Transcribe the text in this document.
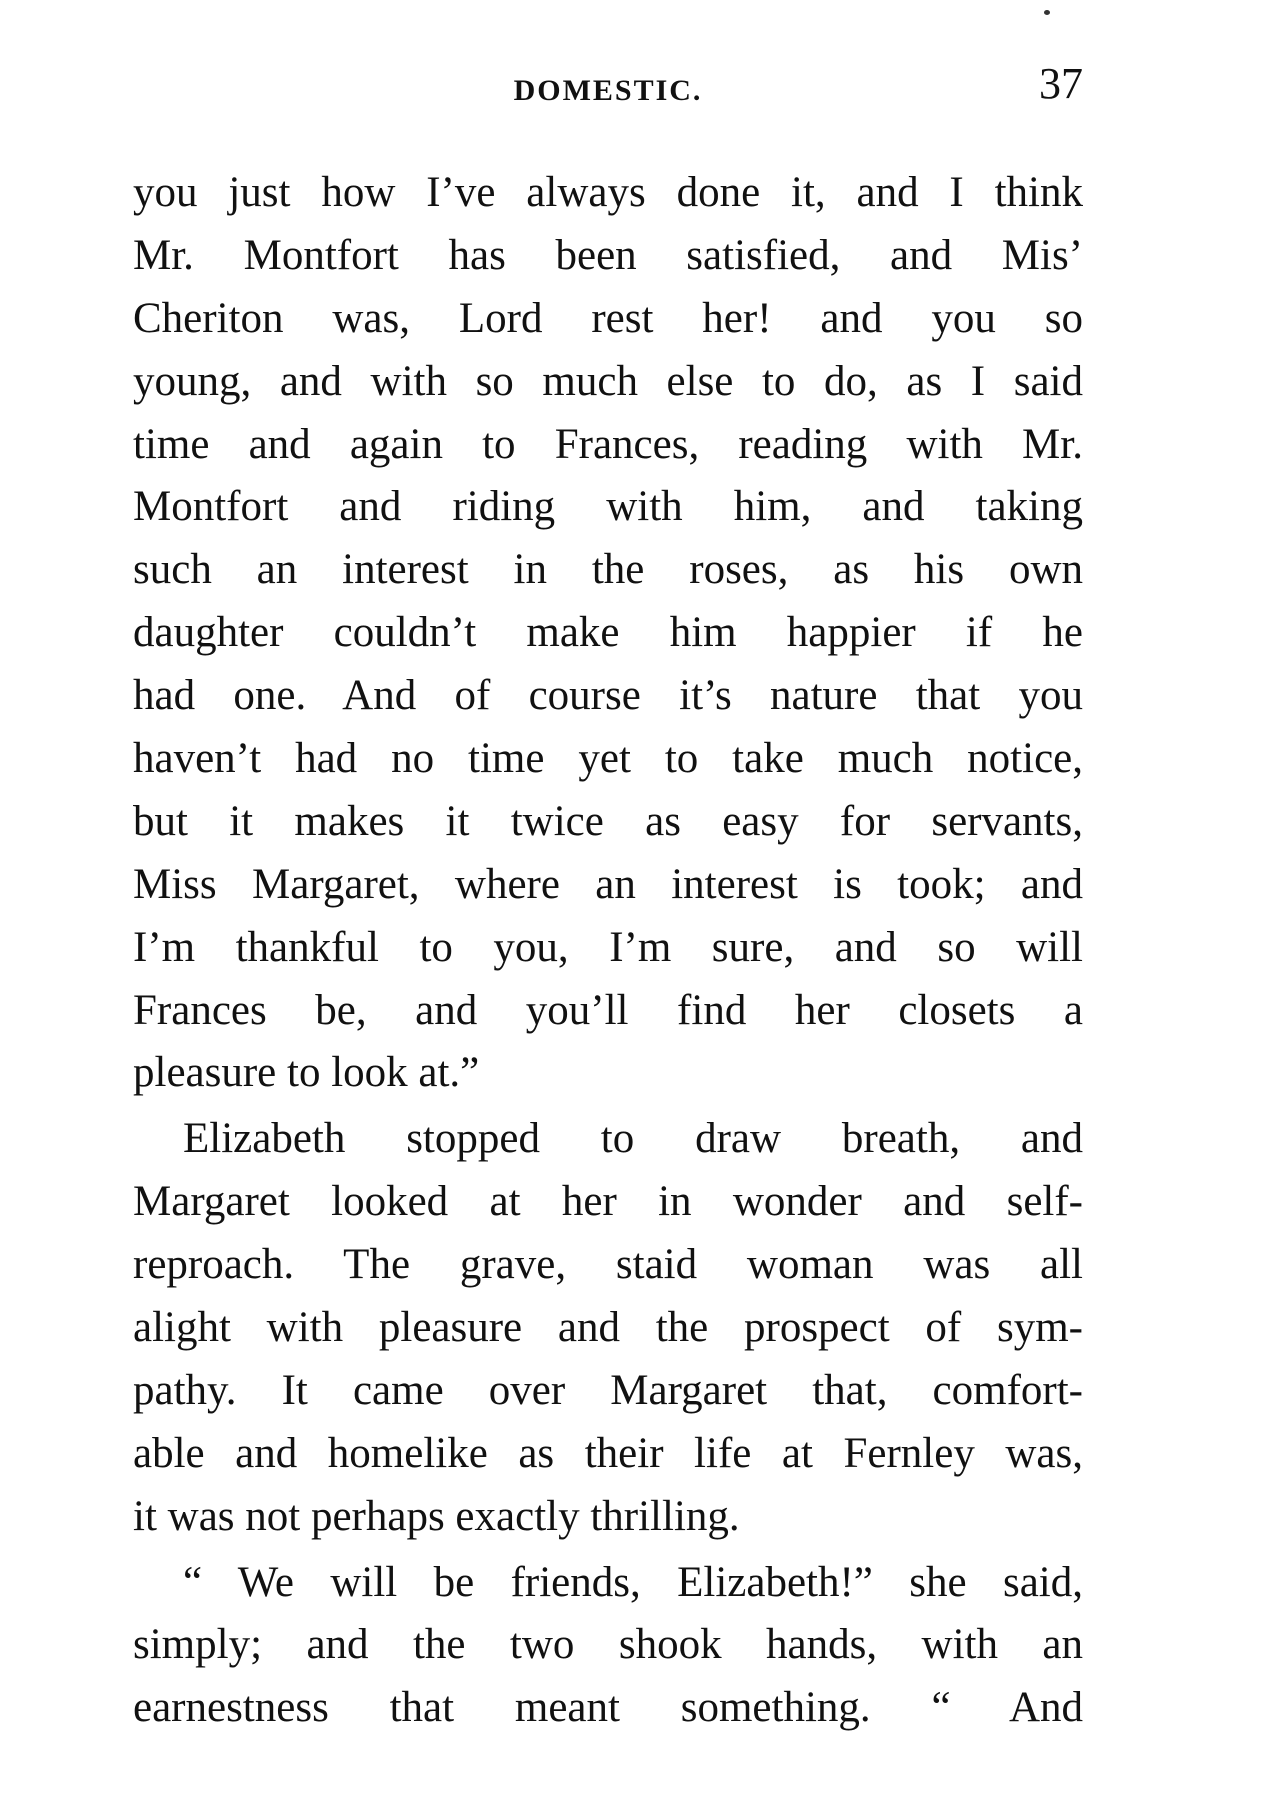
DOMESTIC.	37
you just how I’ve always done it, and I think
Mr. Montfort has been satisfied, and Mis’
Cheriton was, Lord rest her! and you so
young, and with so much else to do, as I said
time and again to Frances, reading with Mr.
Montfort and riding with him, and taking
such an interest in the roses, as his own
daughter couldn’t make him happier if he
had one. And of course it’s nature that you
haven’t had no time yet to take much notice,
but it makes it twice as easy for servants,
Miss Margaret, where an interest is took; and
I’m thankful to you, I’m sure, and so will
Frances be, and you’ll find her closets a
pleasure to look at.”
Elizabeth stopped to draw breath, and
Margaret looked at her in wonder and self-
reproach. The grave, staid woman was all
alight with pleasure and the prospect of sym-
pathy. It came over Margaret that, comfort-
able and homelike as their life at Fernley was,
it was not perhaps exactly thrilling.
“ We will be friends, Elizabeth!” she said,
simply; and the two shook hands, with an
earnestness that meant something. “ And
